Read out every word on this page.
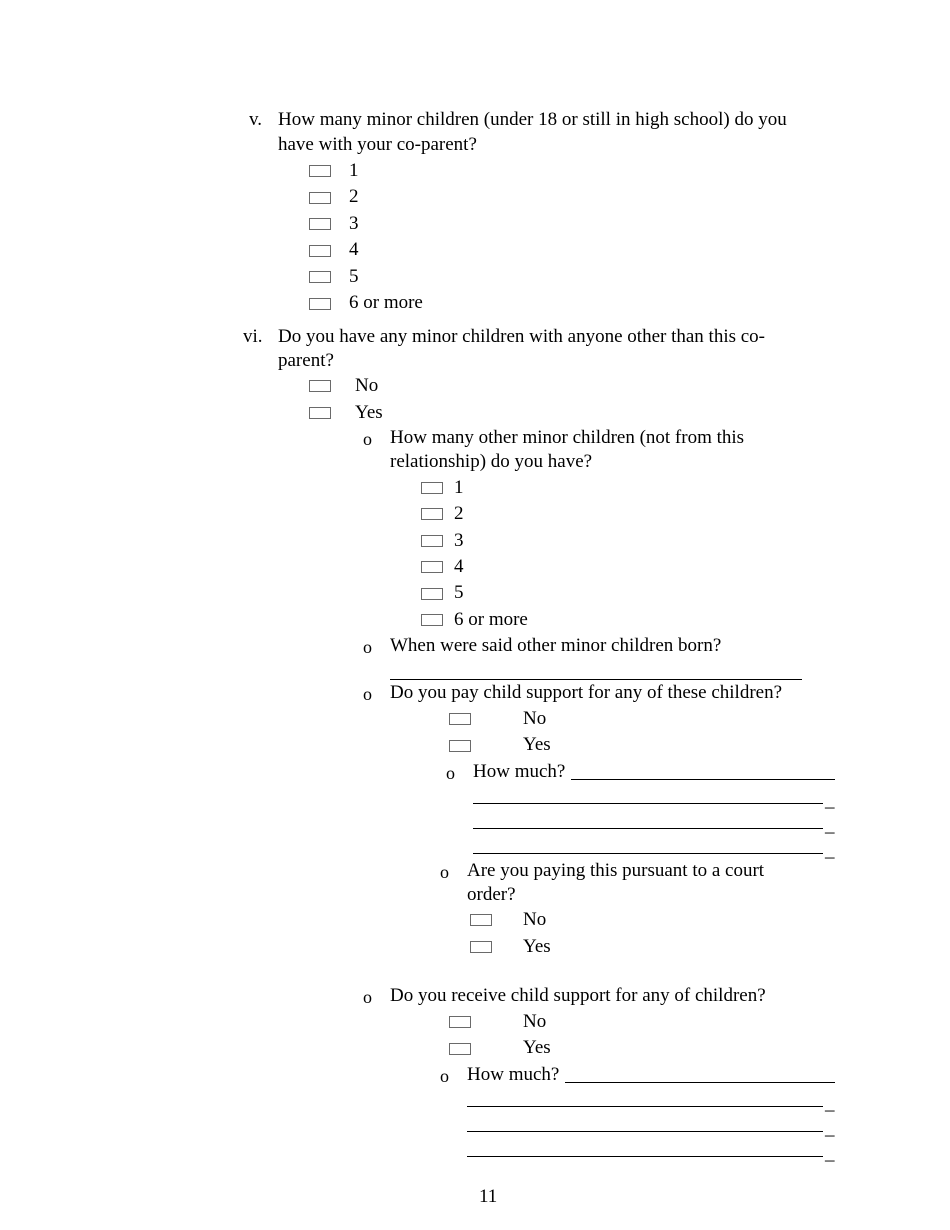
v. How many minor children (under 18 or still in high school) do you
have with your co-parent?
1
2
3
4
5
6 or more
vi. Do you have any minor children with anyone other than this co-
parent?
No
Yes
o How many other minor children (not from this
relationship) do you have?
1
2
3
4
5
6 or more
o When were said other minor children born?
o Do you pay child support for any of these children?
No
Yes
o How much?
_
_
_
o Are you paying this pursuant to a court
order?
No
Yes
o Do you receive child support for any of children?
No
Yes
o How much?
_
_
_
11
